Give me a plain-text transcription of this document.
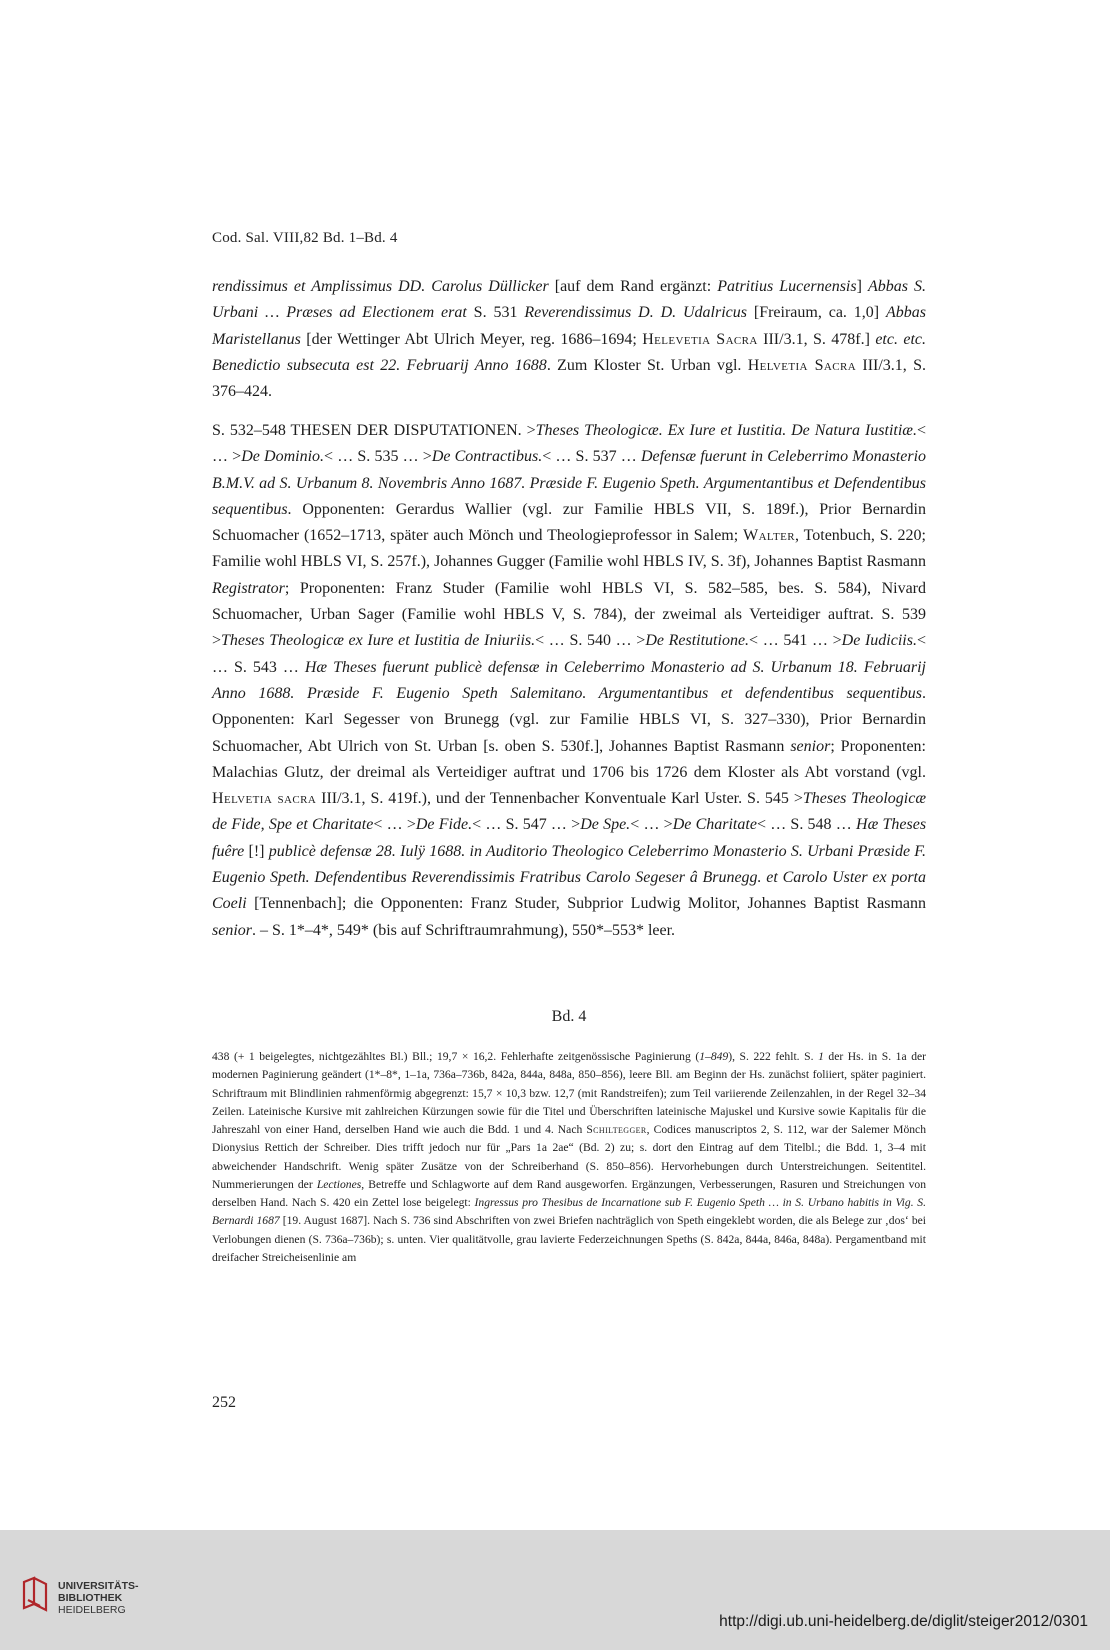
Cod. Sal. VIII,82 Bd. 1–Bd. 4

rendissimus et Amplissimus DD. Carolus Düllicker [auf dem Rand ergänzt: Patritius Lucernensis] Abbas S. Urbani … Præses ad Electionem erat S. 531 Reverendissimus D. D. Udalricus [Freiraum, ca. 1,0] Abbas Maristellanus [der Wettinger Abt Ulrich Meyer, reg. 1686–1694; Helevetia Sacra III/3.1, S. 478f.] etc. etc. Benedictio subsecuta est 22. Februarij Anno 1688. Zum Kloster St. Urban vgl. Helvetia Sacra III/3.1, S. 376–424.

S. 532–548 THESEN DER DISPUTATIONEN. >Theses Theologicæ. Ex Iure et Iustitia. De Natura Iustitiæ.< … >De Dominio.< … S. 535 … >De Contractibus.< … S. 537 … Defensæ fuerunt in Celeberrimo Monasterio B.M.V. ad S. Urbanum 8. Novembris Anno 1687. Præside F. Eugenio Speth. Argumentantibus et Defendentibus sequentibus. Opponenten: Gerardus Wallier (vgl. zur Familie HBLS VII, S. 189f.), Prior Bernardin Schuomacher (1652–1713, später auch Mönch und Theologieprofessor in Salem; Walter, Totenbuch, S. 220; Familie wohl HBLS VI, S. 257f.), Johannes Gugger (Familie wohl HBLS IV, S. 3f), Johannes Baptist Rasmann Registrator; Proponenten: Franz Studer (Familie wohl HBLS VI, S. 582–585, bes. S. 584), Nivard Schuomacher, Urban Sager (Familie wohl HBLS V, S. 784), der zweimal als Verteidiger auftrat. S. 539 >Theses Theologicæ ex Iure et Iustitia de Iniuriis.< … S. 540 … >De Restitutione.< … 541 … >De Iudiciis.< … S. 543 … Hæ Theses fuerunt publicè defensæ in Celeberrimo Monasterio ad S. Urbanum 18. Februarij Anno 1688. Præside F. Eugenio Speth Salemitano. Argumentantibus et defendentibus sequentibus. Opponenten: Karl Segesser von Brunegg (vgl. zur Familie HBLS VI, S. 327–330), Prior Bernardin Schuomacher, Abt Ulrich von St. Urban [s. oben S. 530f.], Johannes Baptist Rasmann senior; Proponenten: Malachias Glutz, der dreimal als Verteidiger auftrat und 1706 bis 1726 dem Kloster als Abt vorstand (vgl. Helvetia sacra III/3.1, S. 419f.), und der Tennenbacher Konventuale Karl Uster. S. 545 >Theses Theologicæ de Fide, Spe et Charitate< … >De Fide.< … S. 547 … >De Spe.< … >De Charitate< … S. 548 … Hæ Theses fuêre [!] publicè defensæ 28. Iulÿ 1688. in Auditorio Theologico Celeberrimo Monasterio S. Urbani Præside F. Eugenio Speth. Defendentibus Reverendissimis Fratribus Carolo Segeser â Brunegg. et Carolo Uster ex porta Coeli [Tennenbach]; die Opponenten: Franz Studer, Subprior Ludwig Molitor, Johannes Baptist Rasmann senior. – S. 1*–4*, 549* (bis auf Schriftraumrahmung), 550*–553* leer.

Bd. 4

438 (+ 1 beigelegtes, nichtgezähltes Bl.) Bll.; 19,7 × 16,2. Fehlerhafte zeitgenössische Paginierung (1–849), S. 222 fehlt. S. 1 der Hs. in S. 1a der modernen Paginierung geändert (1*–8*, 1–1a, 736a–736b, 842a, 844a, 848a, 850–856), leere Bll. am Beginn der Hs. zunächst foliiert, später paginiert. Schriftraum mit Blindlinien rahmenförmig abgegrenzt: 15,7 × 10,3 bzw. 12,7 (mit Randstreifen); zum Teil variierende Zeilenzahlen, in der Regel 32–34 Zeilen. Lateinische Kursive mit zahlreichen Kürzungen sowie für die Titel und Überschriften lateinische Majuskel und Kursive sowie Kapitalis für die Jahreszahl von einer Hand, derselben Hand wie auch die Bdd. 1 und 4. Nach Schiltegger, Codices manuscriptos 2, S. 112, war der Salemer Mönch Dionysius Rettich der Schreiber. Dies trifft jedoch nur für „Pars 1a 2ae“ (Bd. 2) zu; s. dort den Eintrag auf dem Titelbl.; die Bdd. 1, 3–4 mit abweichender Handschrift. Wenig später Zusätze von der Schreiberhand (S. 850–856). Hervorhebungen durch Unterstreichungen. Seitentitel. Nummerierungen der Lectiones, Betreffe und Schlagworte auf dem Rand ausgeworfen. Ergänzungen, Verbesserungen, Rasuren und Streichungen von derselben Hand. Nach S. 420 ein Zettel lose beigelegt: Ingressus pro Thesibus de Incarnatione sub F. Eugenio Speth … in S. Urbano habitis in Vig. S. Bernardi 1687 [19. August 1687]. Nach S. 736 sind Abschriften von zwei Briefen nachträglich von Speth eingeklebt worden, die als Belege zur ‚dos‘ bei Verlobungen dienen (S. 736a–736b); s. unten. Vier qualitätvolle, grau lavierte Federzeichnungen Speths (S. 842a, 844a, 846a, 848a). Pergamentband mit dreifacher Streicheisenlinie am

252
UNIVERSITÄTS-
BIBLIOTHEK
HEIDELBERG
http://digi.ub.uni-heidelberg.de/diglit/steiger2012/0301
